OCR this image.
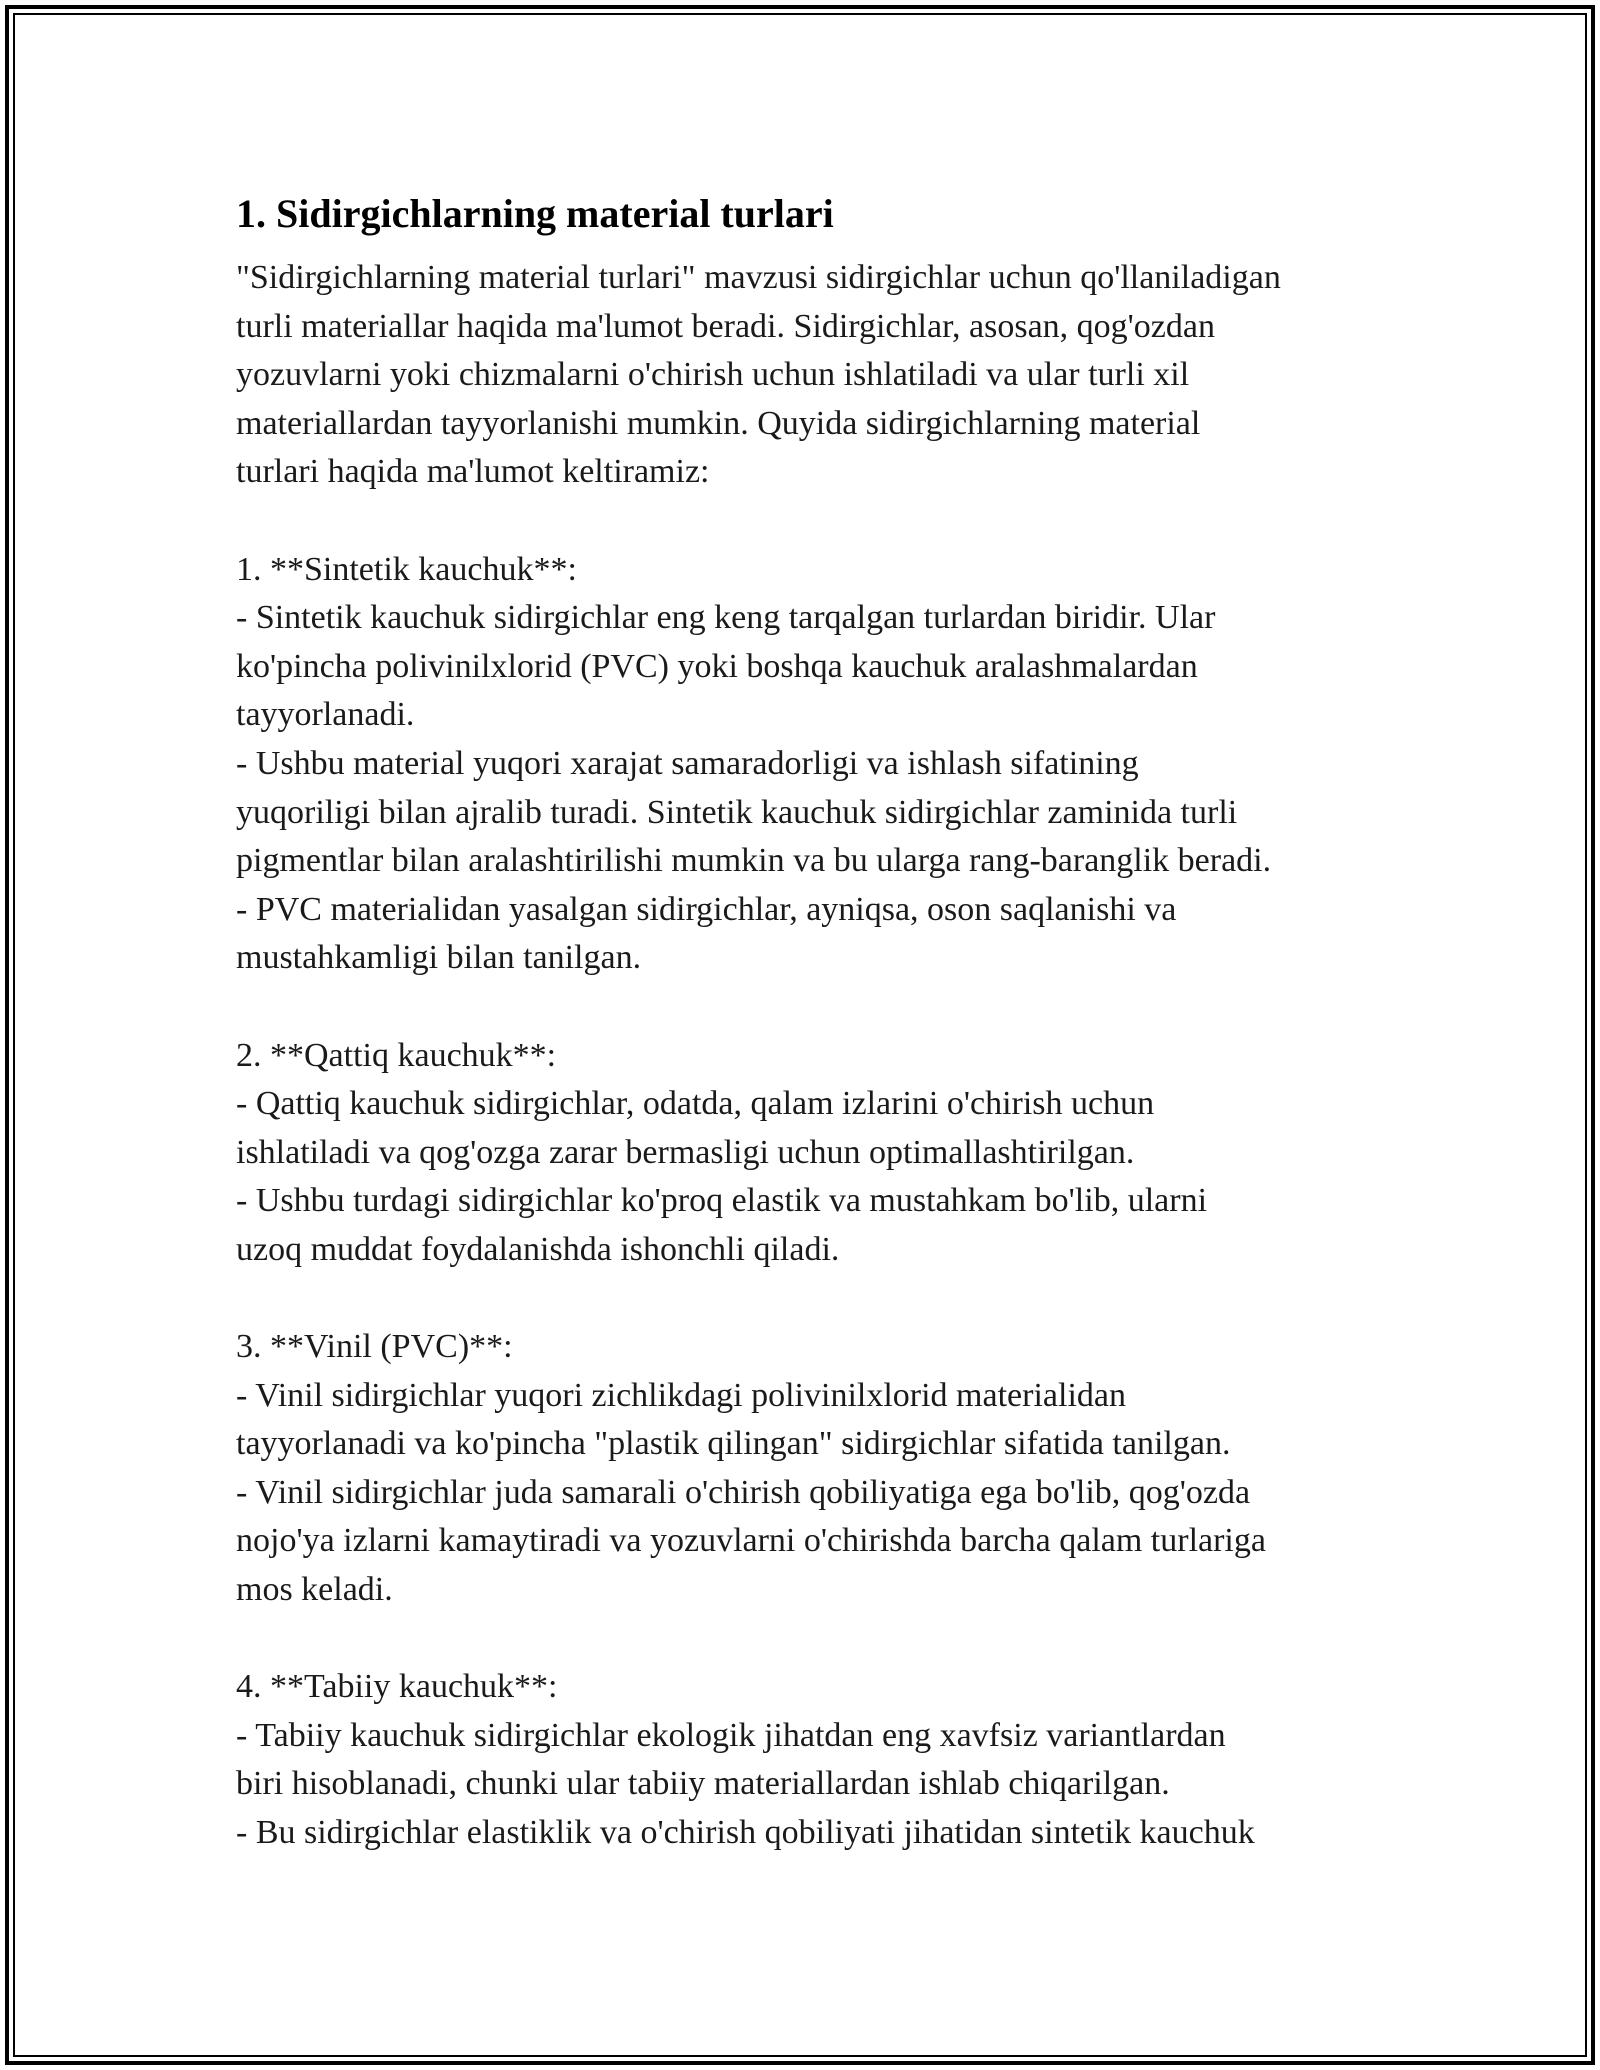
1. Sidirgichlarning material turlari

"Sidirgichlarning material turlari" mavzusi sidirgichlar uchun qo'llaniladigan
turli materiallar haqida ma'lumot beradi. Sidirgichlar, asosan, qog'ozdan
yozuvlarni yoki chizmalarni o'chirish uchun ishlatiladi va ular turli xil
materiallardan tayyorlanishi mumkin. Quyida sidirgichlarning material
turlari haqida ma'lumot keltiramiz:

1. **Sintetik kauchuk**:
- Sintetik kauchuk sidirgichlar eng keng tarqalgan turlardan biridir. Ular
ko'pincha polivinilxlorid (PVC) yoki boshqa kauchuk aralashmalardan
tayyorlanadi.
- Ushbu material yuqori xarajat samaradorligi va ishlash sifatining
yuqoriligi bilan ajralib turadi. Sintetik kauchuk sidirgichlar zaminida turli
pigmentlar bilan aralashtirilishi mumkin va bu ularga rang-baranglik beradi.
- PVC materialidan yasalgan sidirgichlar, ayniqsa, oson saqlanishi va
mustahkamligi bilan tanilgan.

2. **Qattiq kauchuk**:
- Qattiq kauchuk sidirgichlar, odatda, qalam izlarini o'chirish uchun
ishlatiladi va qog'ozga zarar bermasligi uchun optimallashtirilgan.
- Ushbu turdagi sidirgichlar ko'proq elastik va mustahkam bo'lib, ularni
uzoq muddat foydalanishda ishonchli qiladi.

3. **Vinil (PVC)**:
- Vinil sidirgichlar yuqori zichlikdagi polivinilxlorid materialidan
tayyorlanadi va ko'pincha "plastik qilingan" sidirgichlar sifatida tanilgan.
- Vinil sidirgichlar juda samarali o'chirish qobiliyatiga ega bo'lib, qog'ozda
nojo'ya izlarni kamaytiradi va yozuvlarni o'chirishda barcha qalam turlariga
mos keladi.

4. **Tabiiy kauchuk**:
- Tabiiy kauchuk sidirgichlar ekologik jihatdan eng xavfsiz variantlardan
biri hisoblanadi, chunki ular tabiiy materiallardan ishlab chiqarilgan.
- Bu sidirgichlar elastiklik va o'chirish qobiliyati jihatidan sintetik kauchuk
